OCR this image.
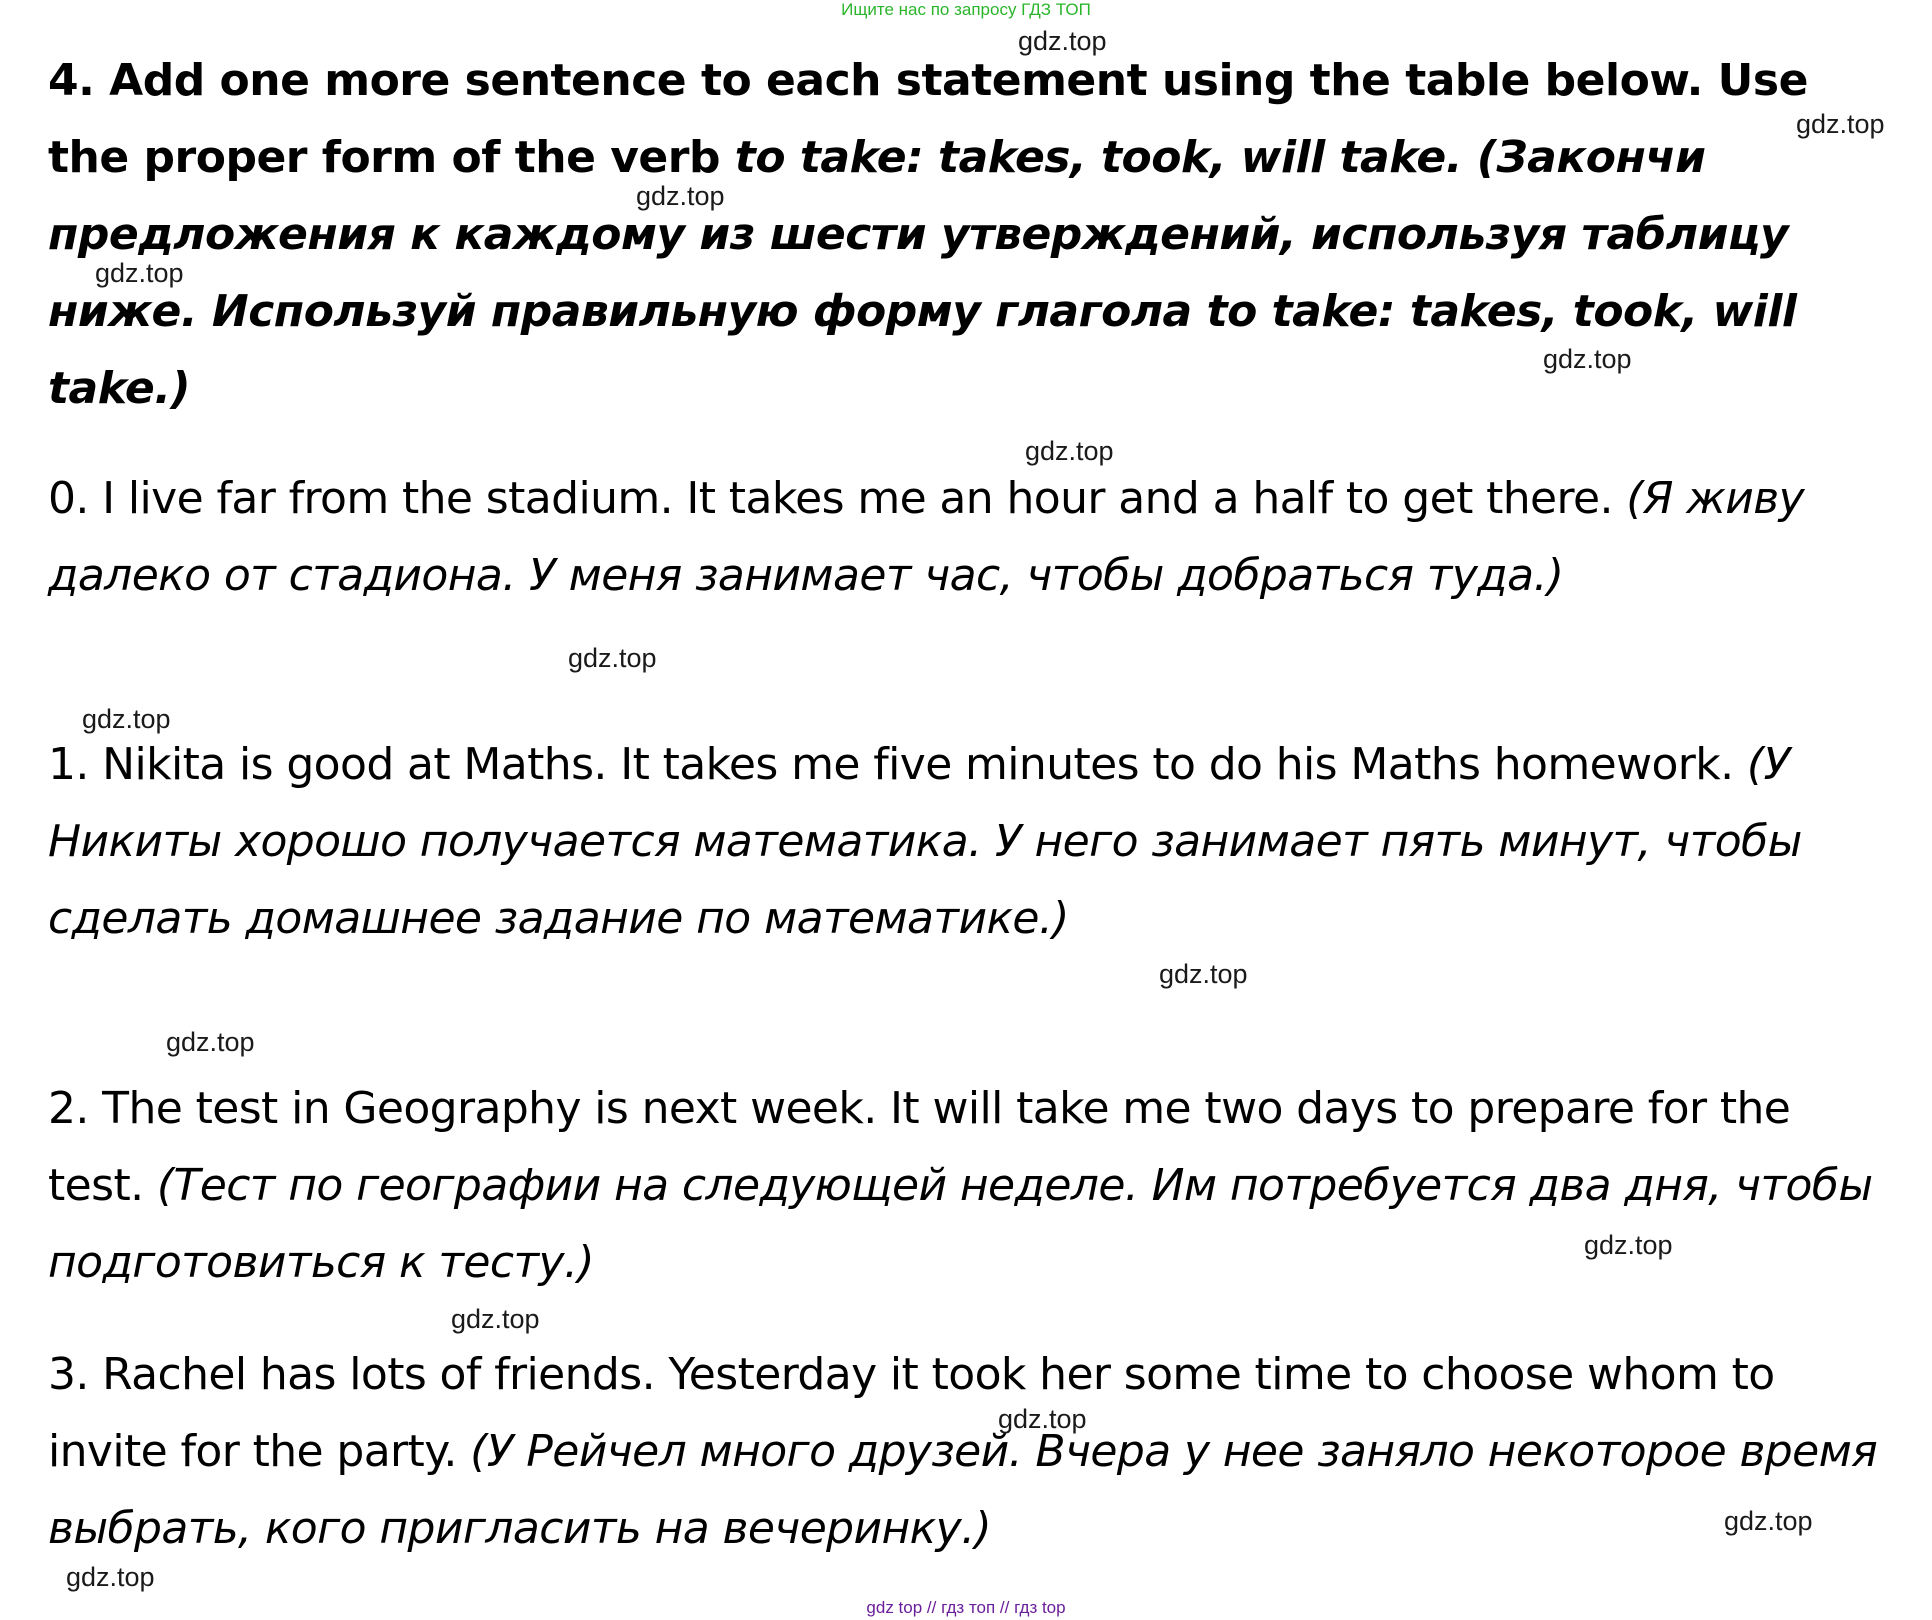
Ищите нас по запросу ГДЗ ТОП

4. Add one more sentence to each statement using the table below. Use the proper form of the verb to take: takes, took, will take. (Закончи предложения к каждому из шести утверждений, используя таблицу ниже. Используй правильную форму глагола to take: takes, took, will take.)

0. I live far from the stadium. It takes me an hour and a half to get there. (Я живу далеко от стадиона. У меня занимает час, чтобы добраться туда.)

1. Nikita is good at Maths. It takes me five minutes to do his Maths homework. (У Никиты хорошо получается математика. У него занимает пять минут, чтобы сделать домашнее задание по математике.)

2. The test in Geography is next week. It will take me two days to prepare for the test. (Тест по географии на следующей неделе. Им потребуется два дня, чтобы подготовиться к тесту.)

3. Rachel has lots of friends. Yesterday it took her some time to choose whom to invite for the party. (У Рейчел много друзей. Вчера у нее заняло некоторое время выбрать, кого пригласить на вечеринку.)

gdz.top
gdz.top
gdz.top
gdz.top
gdz.top
gdz.top
gdz.top
gdz.top
gdz.top
gdz.top
gdz.top
gdz.top
gdz.top
gdz.top
gdz.top
gdz top // гдз топ // гдз top
